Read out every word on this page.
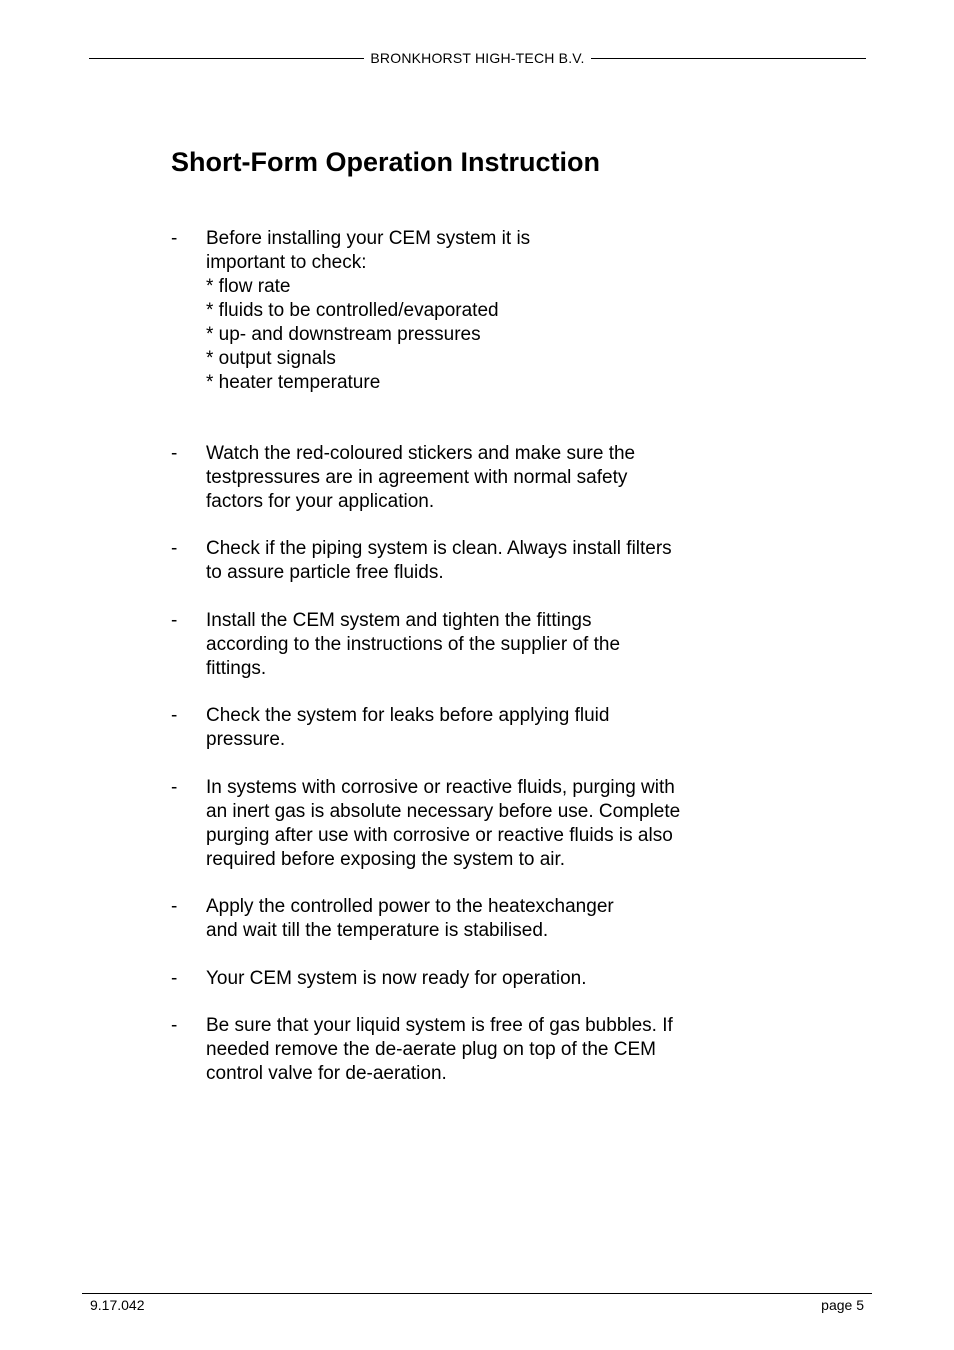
BRONKHORST HIGH-TECH B.V.
Short-Form Operation Instruction
-	Before installing your CEM system it is
important to check:
* flow rate
* fluids to be controlled/evaporated
* up- and downstream pressures
* output signals
* heater temperature
-	Watch the red-coloured stickers and make sure the
testpressures are in agreement with normal safety
factors for your application.
-	Check if the piping system is clean. Always install filters
to assure particle free fluids.
-	Install the CEM system and tighten the fittings
according to the instructions of the supplier of the
fittings.
-	Check the system for leaks before applying fluid
pressure.
-	In systems with corrosive or reactive fluids, purging with
an inert gas is absolute necessary before use. Complete
purging after use with corrosive or reactive fluids is also
required before exposing the system to air.
-	Apply the controlled power to the heatexchanger
and wait till the temperature is stabilised.
-	Your CEM system is now ready for operation.
-	Be sure that your liquid system is free of gas bubbles. If
needed remove the de-aerate plug on top of the CEM
control valve for de-aeration.
9.17.042	page 5
